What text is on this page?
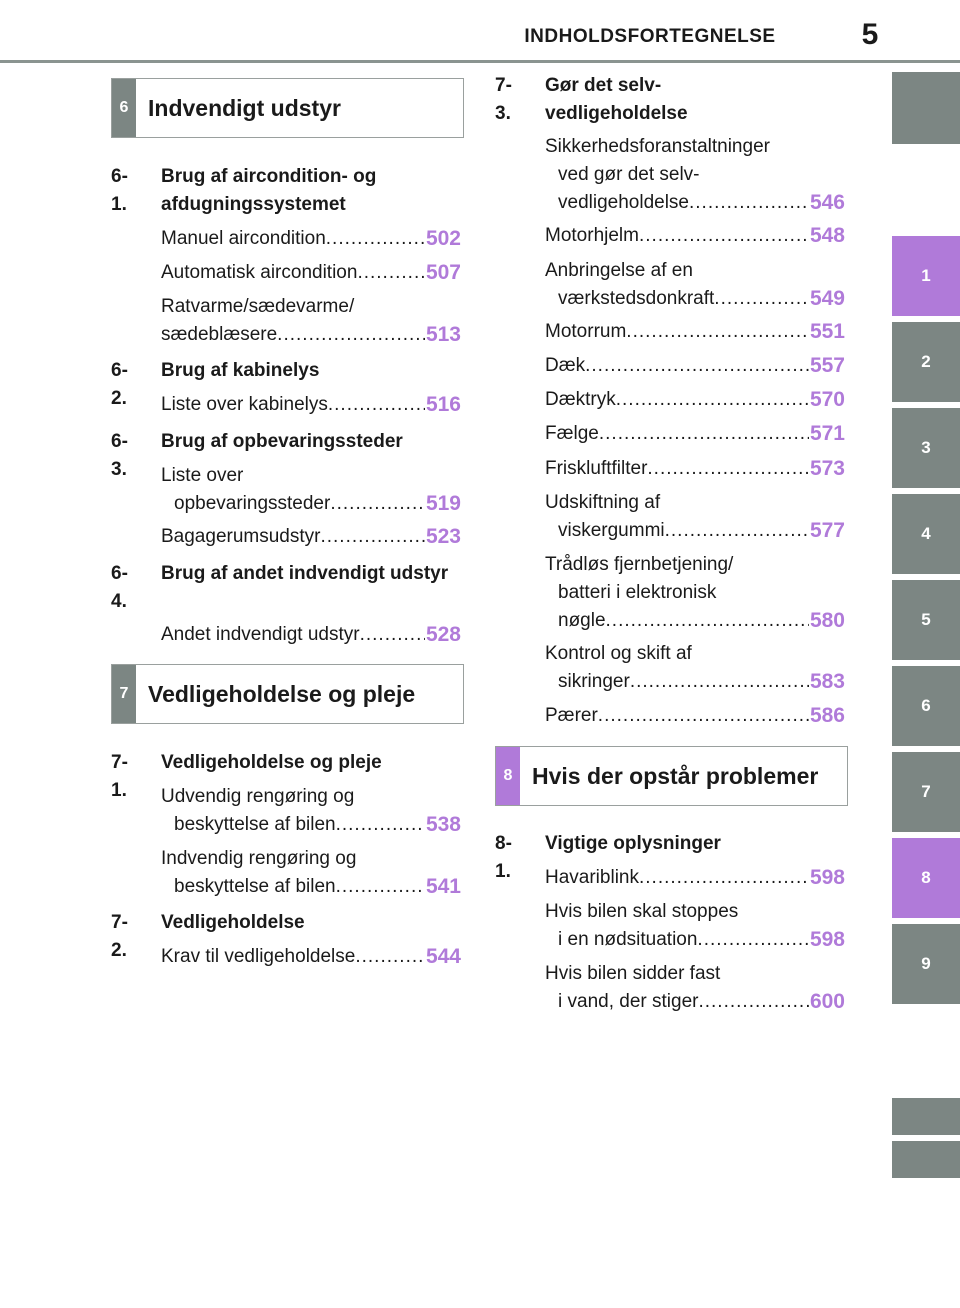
INDHOLDSFORTEGNELSE	5
1
2
3
4
5
6
7
8
9
6 Indvendigt udstyr
6-1.
Brug af aircondition- og afdugningssystemet
Manuel aircondition .....	502
Automatisk aircondition .....	507
Ratvarme/sædevarme/
sædeblæsere .....	513
6-2.
Brug af kabinelys
Liste over kabinelys .....	516
6-3.
Brug af opbevaringssteder
Liste over
opbevaringssteder .....	519
Bagagerumsudstyr .....	523
6-4.
Brug af andet indvendigt udstyr
Andet indvendigt udstyr .....	528
7 Vedligeholdelse og pleje
7-1.
Vedligeholdelse og pleje
Udvendig rengøring og
beskyttelse af bilen .....	538
Indvendig rengøring og
beskyttelse af bilen .....	541
7-2.
Vedligeholdelse
Krav til vedligeholdelse .....	544
7-3.
Gør det selv-vedligeholdelse
Sikkerhedsforanstaltninger
ved gør det selv-
vedligeholdelse .....	546
Motorhjelm .....	548
Anbringelse af en
værkstedsdonkraft .....	549
Motorrum .....	551
Dæk .....	557
Dæktryk .....	570
Fælge .....	571
Friskluftfilter .....	573
Udskiftning af
viskergummi .....	577
Trådløs fjernbetjening/
batteri i elektronisk
nøgle .....	580
Kontrol og skift af
sikringer .....	583
Pærer .....	586
8 Hvis der opstår problemer
8-1.
Vigtige oplysninger
Havariblink .....	598
Hvis bilen skal stoppes
i en nødsituation .....	598
Hvis bilen sidder fast
i vand, der stiger .....	600
